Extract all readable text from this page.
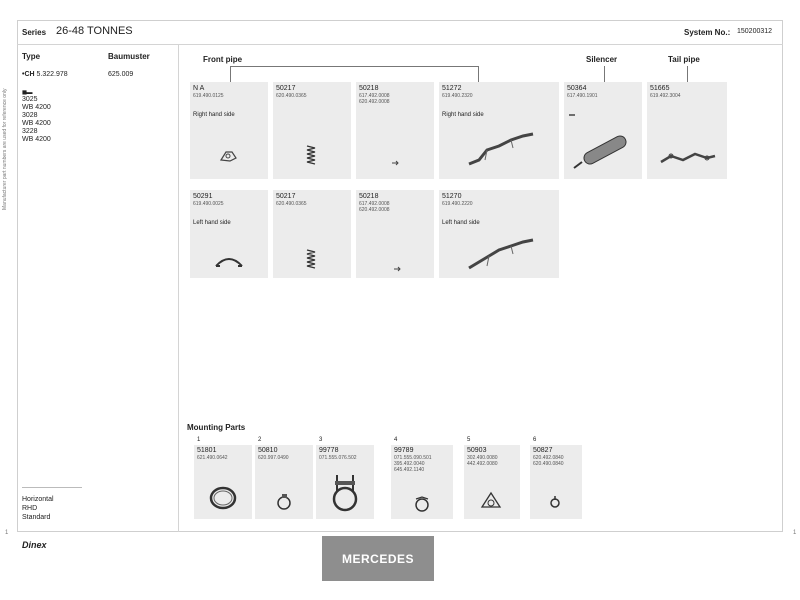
Manufacturer part numbers are used for reference only
Series 26-48 TONNES	System No.: 150200312
Type	Baumuster
•CH 5.322.978	625.009
◼▬
3025
WB 4200
3028
WB 4200
3228
WB 4200
Horizontal
RHD
Standard
1	1
Front pipe	Silencer	Tail pipe
N A
619.490.0125
Right hand side
50217
620.490.0365
50218
617.492.0008
620.492.0008
51272
619.490.2320
Right hand side
50364
617.490.1901
51665
619.492.3004
50291
619.490.0025
Left hand side
50217
620.490.0365
50218
617.492.0008
620.492.0008
51270
619.490.2220
Left hand side
Mounting Parts
1
51801
621.490.0642
2
50810
620.997.0490
3
99778
071.555.076.502
4
99789
071.555.090.501
395.492.0040
645.492.1140
5
50903
302.490.0080
442.492.0080
6
50827
620.492.0840
620.490.0840
Dinex
MERCEDES
